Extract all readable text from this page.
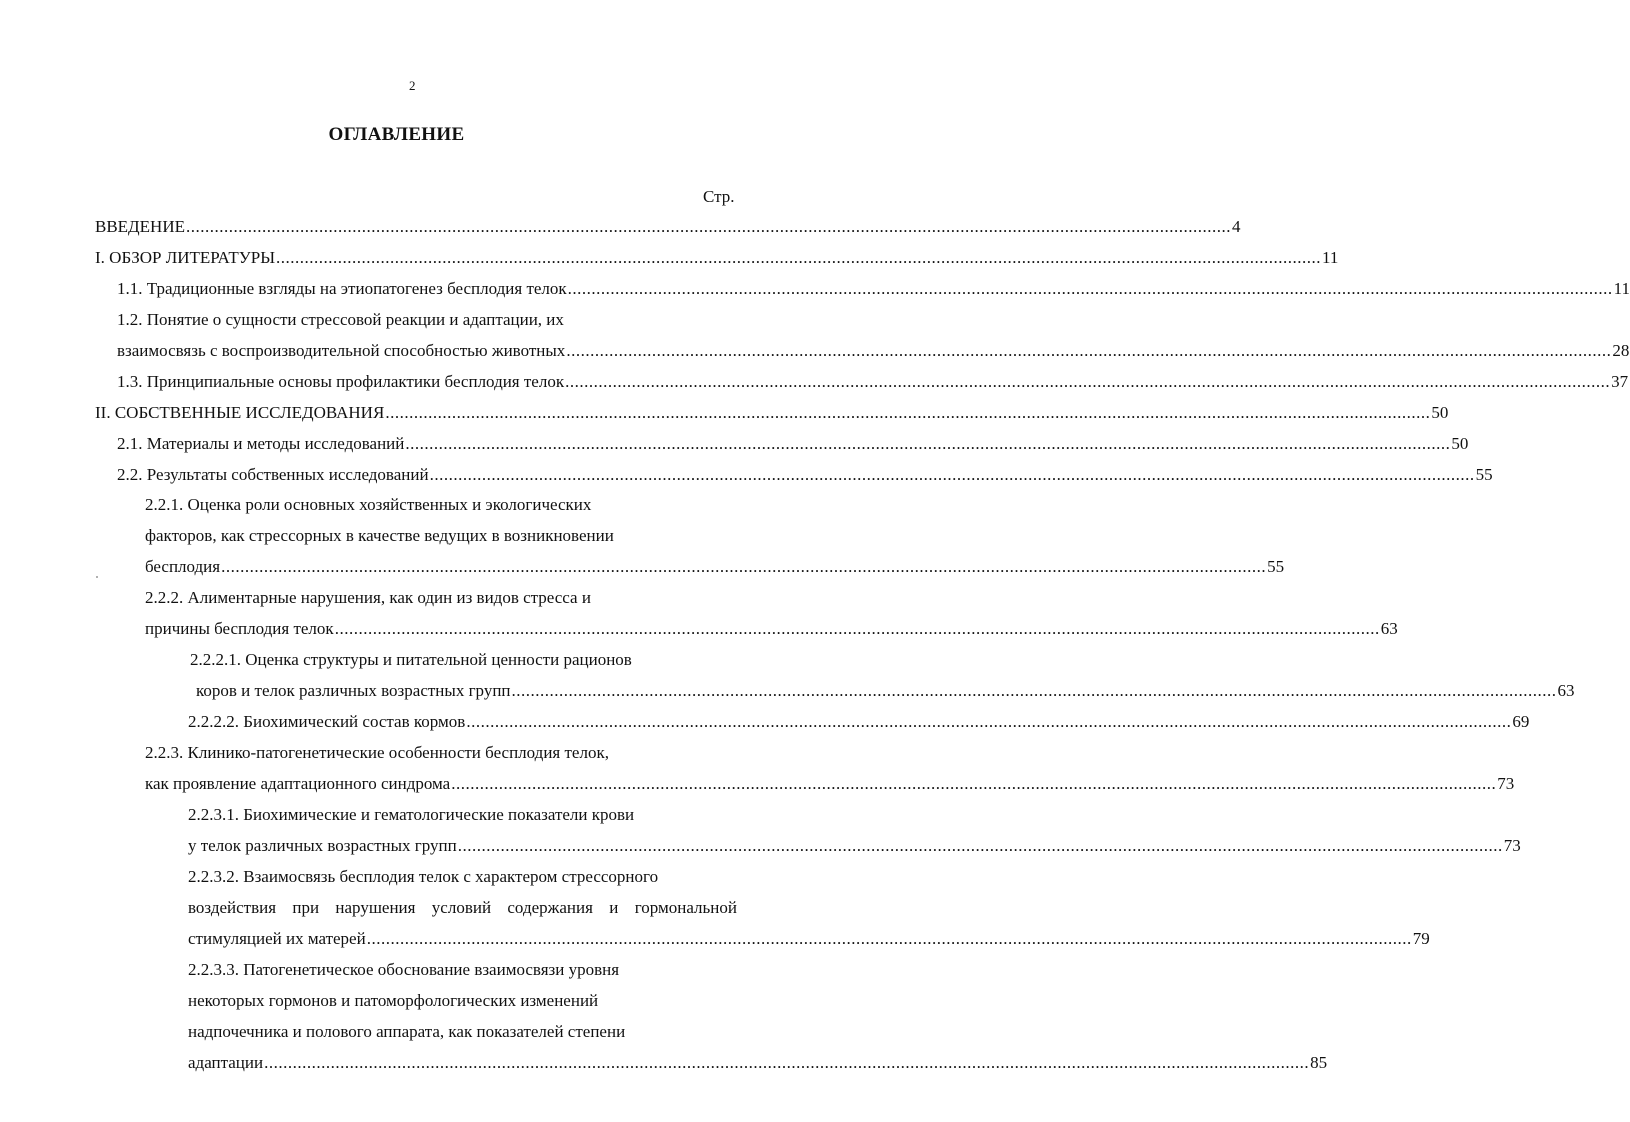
2
ОГЛАВЛЕНИЕ
Стр.
ВВЕДЕНИЕ ............................................................................................................................................................................................................................ 4
I. ОБЗОР ЛИТЕРАТУРЫ ............................................................................................................................................................................................................................ 11
1.1. Традиционные взгляды на этиопатогенез бесплодия телок ............................................................................................................................................................................................................................ 11
1.2. Понятие о сущности стрессовой реакции и адаптации, их
взаимосвязь с воспроизводительной способностью животных ............................................................................................................................................................................................................................ 28
1.3. Принципиальные основы профилактики бесплодия телок ............................................................................................................................................................................................................................ 37
II. СОБСТВЕННЫЕ ИССЛЕДОВАНИЯ ............................................................................................................................................................................................................................ 50
2.1. Материалы и методы исследований ............................................................................................................................................................................................................................ 50
2.2. Результаты собственных исследований ............................................................................................................................................................................................................................ 55
2.2.1. Оценка роли основных хозяйственных и экологических
факторов, как стрессорных в качестве ведущих в возникновении
бесплодия ............................................................................................................................................................................................................................ 55
2.2.2. Алиментарные нарушения, как один из видов стресса и
причины бесплодия телок ............................................................................................................................................................................................................................ 63
2.2.2.1. Оценка структуры и питательной ценности рационов
коров и телок различных возрастных групп ............................................................................................................................................................................................................................ 63
2.2.2.2. Биохимический состав кормов ............................................................................................................................................................................................................................ 69
2.2.3. Клинико-патогенетические особенности бесплодия телок,
как проявление адаптационного синдрома ............................................................................................................................................................................................................................ 73
2.2.3.1. Биохимические и гематологические показатели крови
у телок различных возрастных групп ............................................................................................................................................................................................................................ 73
2.2.3.2. Взаимосвязь бесплодия телок с характером стрессорного
воздействия при нарушения условий содержания и гормональной
стимуляцией их матерей ............................................................................................................................................................................................................................ 79
2.2.3.3. Патогенетическое обоснование взаимосвязи уровня
некоторых гормонов и патоморфологических изменений
надпочечника и полового аппарата, как показателей степени
адаптации ............................................................................................................................................................................................................................ 85
